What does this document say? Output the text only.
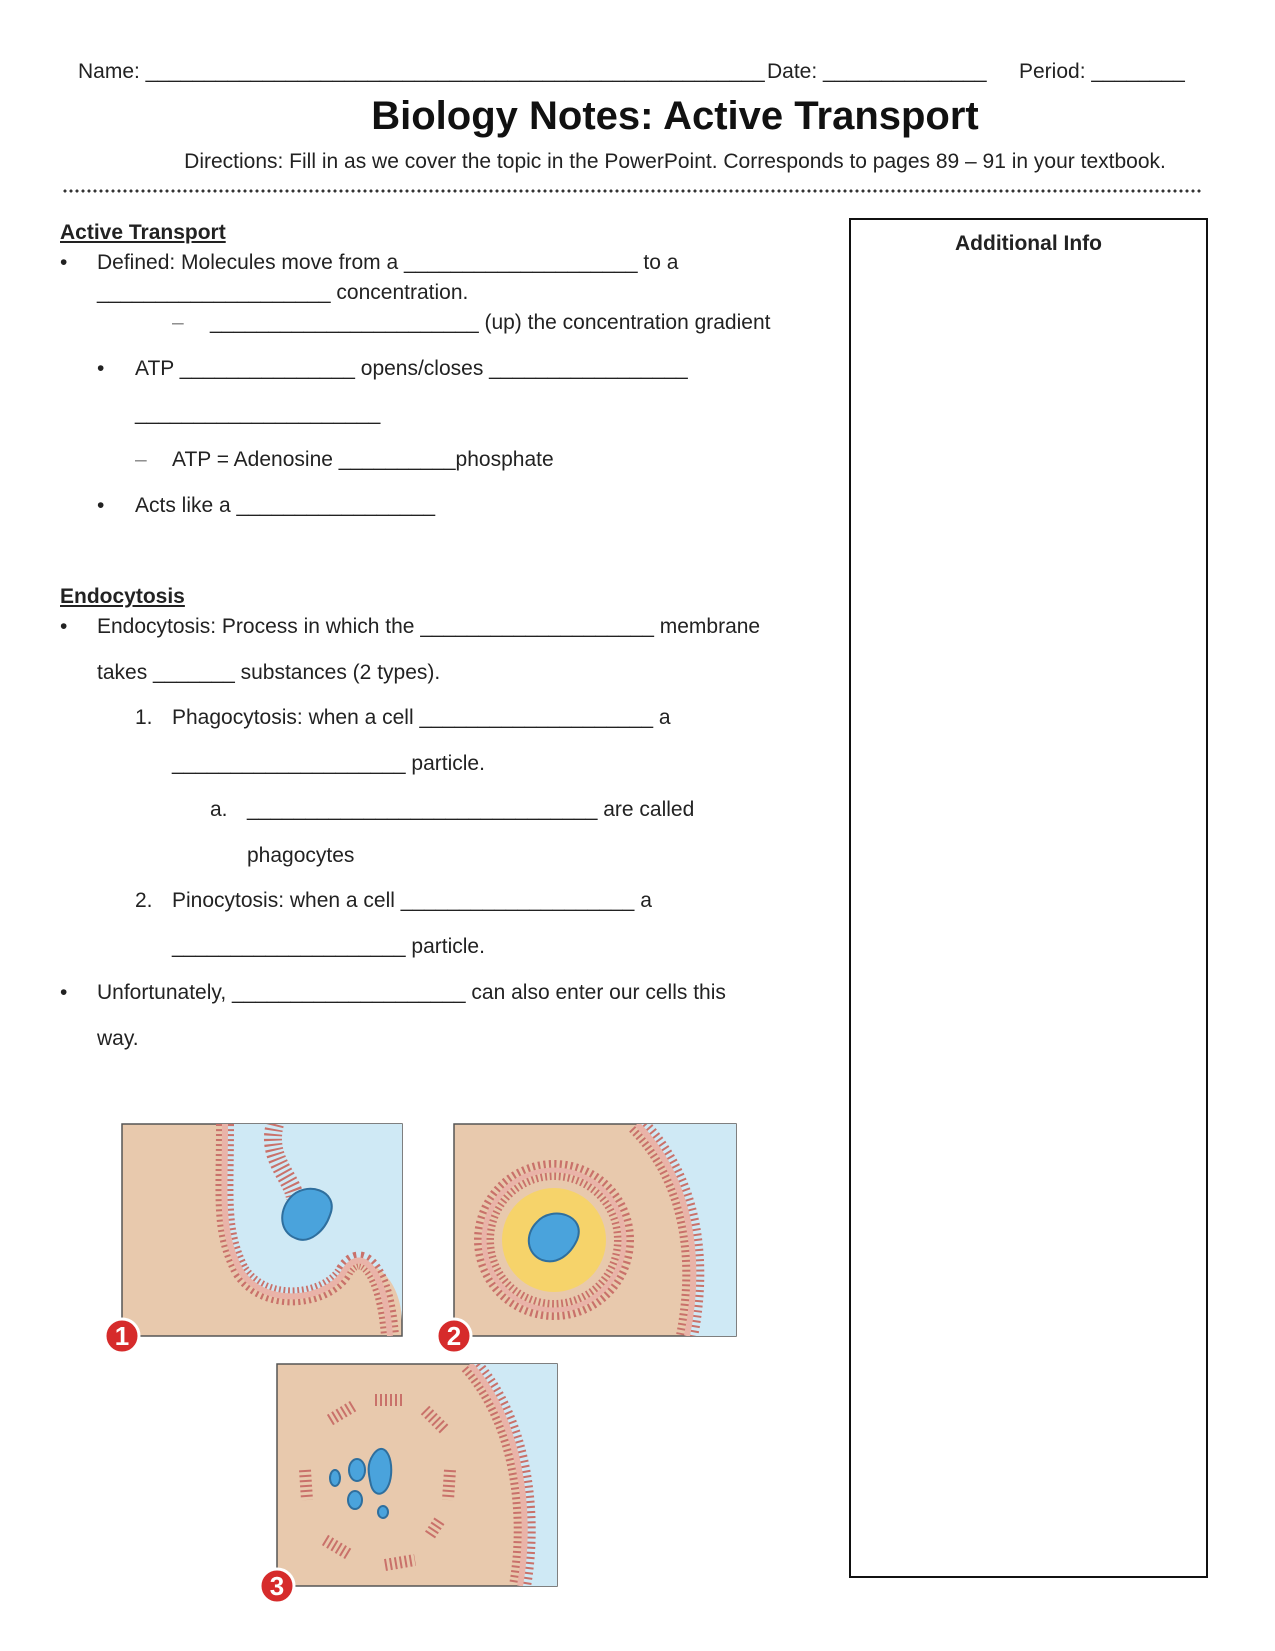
Name: _____________________________________________________ Date: ______________ Period: ________
Biology Notes: Active Transport
Directions: Fill in as we cover the topic in the PowerPoint. Corresponds to pages 89 – 91 in your textbook.
Additional Info
Active Transport
• Defined: Molecules move from a ____________________ to a
____________________ concentration.
– _______________________ (up) the concentration gradient
• ATP _______________ opens/closes _________________
_____________________
– ATP = Adenosine __________phosphate
• Acts like a _________________
Endocytosis
• Endocytosis: Process in which the ____________________ membrane
takes _______ substances (2 types).
1. Phagocytosis: when a cell ____________________ a
____________________ particle.
a. ______________________________ are called
phagocytes
2. Pinocytosis: when a cell ____________________ a
____________________ particle.
• Unfortunately, ____________________ can also enter our cells this
way.
1	2
3
